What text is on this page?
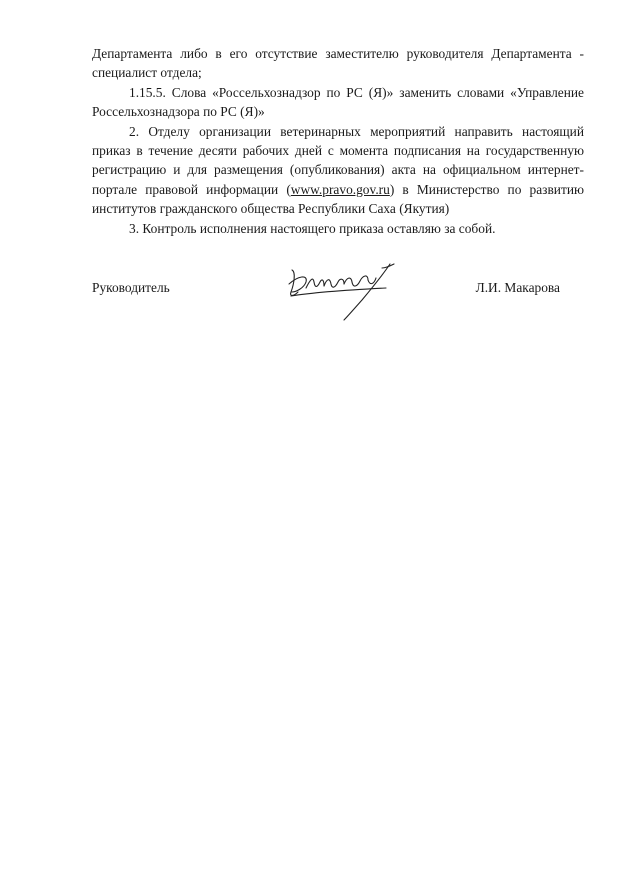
Департамента либо в его отсутствие заместителю руководителя Департамента - специалист отдела;

1.15.5. Слова «Россельхознадзор по РС (Я)» заменить словами «Управление Россельхознадзора по РС (Я)»

2. Отделу организации ветеринарных мероприятий направить настоящий приказ в течение десяти рабочих дней с момента подписания на государственную регистрацию и для размещения (опубликования) акта на официальном интернет-портале правовой информации (www.pravo.gov.ru) в Министерство по развитию институтов гражданского общества Республики Саха (Якутия)

3. Контроль исполнения настоящего приказа оставляю за собой.

Руководитель	Л.И. Макарова
